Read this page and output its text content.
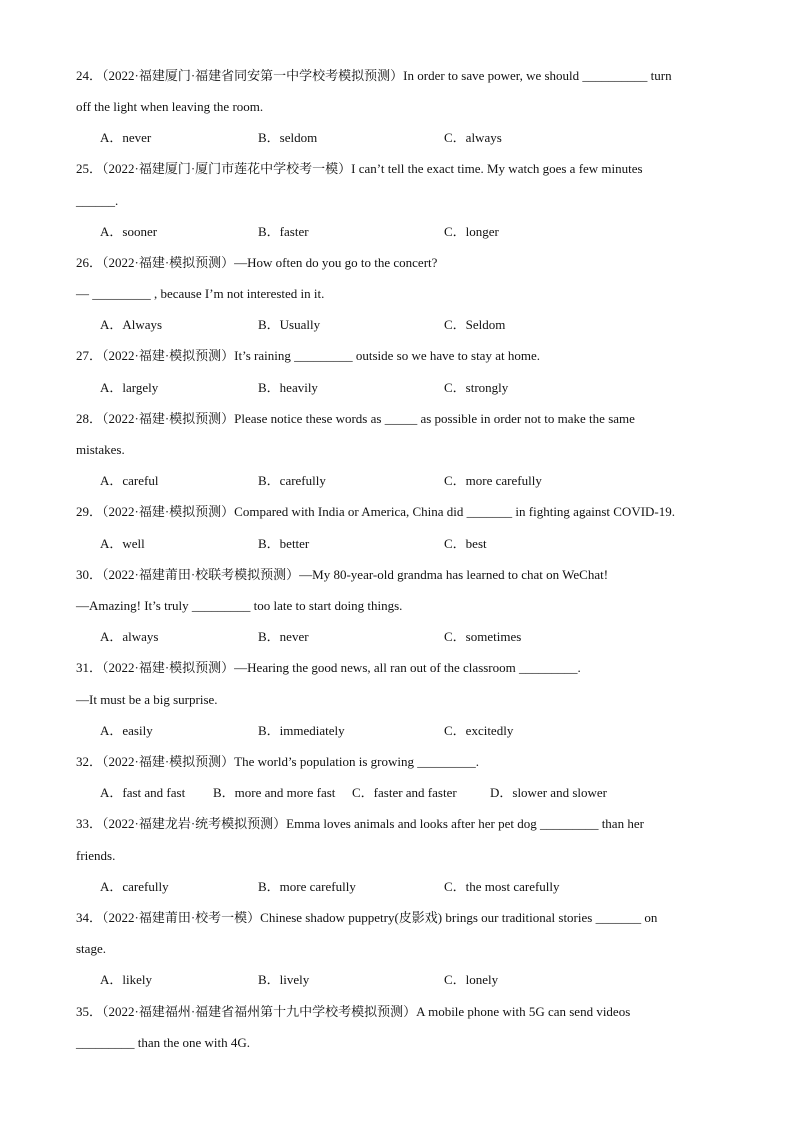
24．（2022·福建厦门·福建省同安第一中学校考模拟预测）In order to save power, we should __________ turn
off the light when leaving the room.
A．never	B．seldom	C．always
25．（2022·福建厦门·厦门市莲花中学校考一模）I can’t tell the exact time. My watch goes a few minutes
______.
A．sooner	B．faster	C．longer
26．（2022·福建·模拟预测）—How often do you go to the concert?
— _________ , because I’m not interested in it.
A．Always	B．Usually	C．Seldom
27．（2022·福建·模拟预测）It’s raining _________ outside so we have to stay at home.
A．largely	B．heavily	C．strongly
28．（2022·福建·模拟预测）Please notice these words as _____ as possible in order not to make the same
mistakes.
A．careful	B．carefully	C．more carefully
29．（2022·福建·模拟预测）Compared with India or America, China did _______ in fighting against COVID-19.
A．well	B．better	C．best
30．（2022·福建莆田·校联考模拟预测）—My 80-year-old grandma has learned to chat on WeChat!
—Amazing! It’s truly _________ too late to start doing things.
A．always	B．never	C．sometimes
31．（2022·福建·模拟预测）—Hearing the good news, all ran out of the classroom _________.
—It must be a big surprise.
A．easily	B．immediately	C．excitedly
32．（2022·福建·模拟预测）The world’s population is growing _________.
A．fast and fast B．more and more fast C．faster and faster	D．slower and slower
33．（2022·福建龙岩·统考模拟预测）Emma loves animals and looks after her pet dog _________ than her
friends.
A．carefully	B．more carefully	C．the most carefully
34．（2022·福建莆田·校考一模）Chinese shadow puppetry(皮影戏) brings our traditional stories _______ on
stage.
A．likely	B．lively	C．lonely
35．（2022·福建福州·福建省福州第十九中学校考模拟预测）A mobile phone with 5G can send videos
_________ than the one with 4G.
